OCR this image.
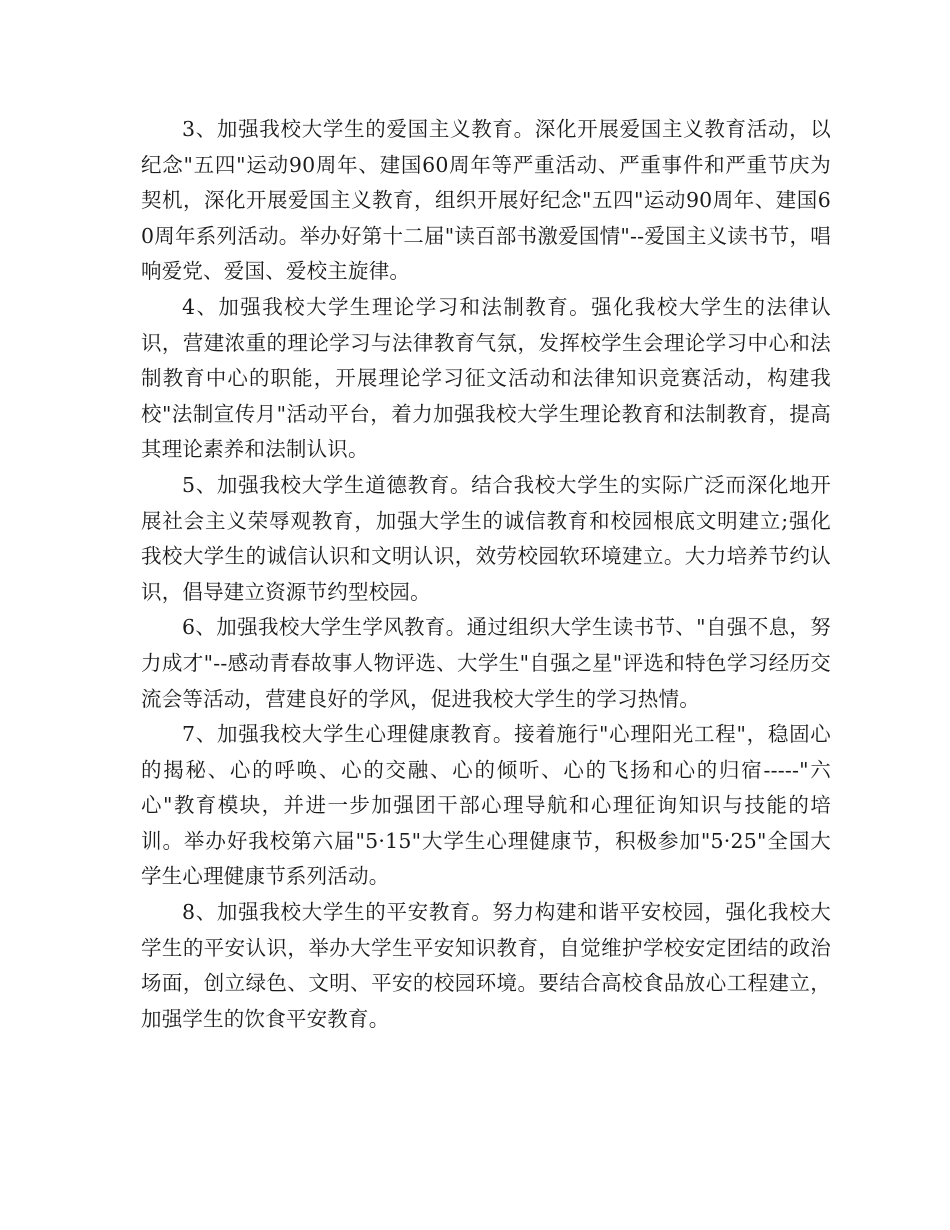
3、加强我校大学生的爱国主义教育。深化开展爱国主义教育活动，以纪念"五四"运动90周年、建国60周年等严重活动、严重事件和严重节庆为契机，深化开展爱国主义教育，组织开展好纪念"五四"运动90周年、建国60周年系列活动。举办好第十二届"读百部书激爱国情"--爱国主义读书节，唱响爱党、爱国、爱校主旋律。

4、加强我校大学生理论学习和法制教育。强化我校大学生的法律认识，营建浓重的理论学习与法律教育气氛，发挥校学生会理论学习中心和法制教育中心的职能，开展理论学习征文活动和法律知识竞赛活动，构建我校"法制宣传月"活动平台，着力加强我校大学生理论教育和法制教育，提高其理论素养和法制认识。

5、加强我校大学生道德教育。结合我校大学生的实际广泛而深化地开展社会主义荣辱观教育，加强大学生的诚信教育和校园根底文明建立;强化我校大学生的诚信认识和文明认识，效劳校园软环境建立。大力培养节约认识，倡导建立资源节约型校园。

6、加强我校大学生学风教育。通过组织大学生读书节、"自强不息，努力成才"--感动青春故事人物评选、大学生"自强之星"评选和特色学习经历交流会等活动，营建良好的学风，促进我校大学生的学习热情。

7、加强我校大学生心理健康教育。接着施行"心理阳光工程"，稳固心的揭秘、心的呼唤、心的交融、心的倾听、心的飞扬和心的归宿-----"六心"教育模块，并进一步加强团干部心理导航和心理征询知识与技能的培训。举办好我校第六届"5·15"大学生心理健康节，积极参加"5·25"全国大学生心理健康节系列活动。

8、加强我校大学生的平安教育。努力构建和谐平安校园，强化我校大学生的平安认识，举办大学生平安知识教育，自觉维护学校安定团结的政治场面，创立绿色、文明、平安的校园环境。要结合高校食品放心工程建立，加强学生的饮食平安教育。
